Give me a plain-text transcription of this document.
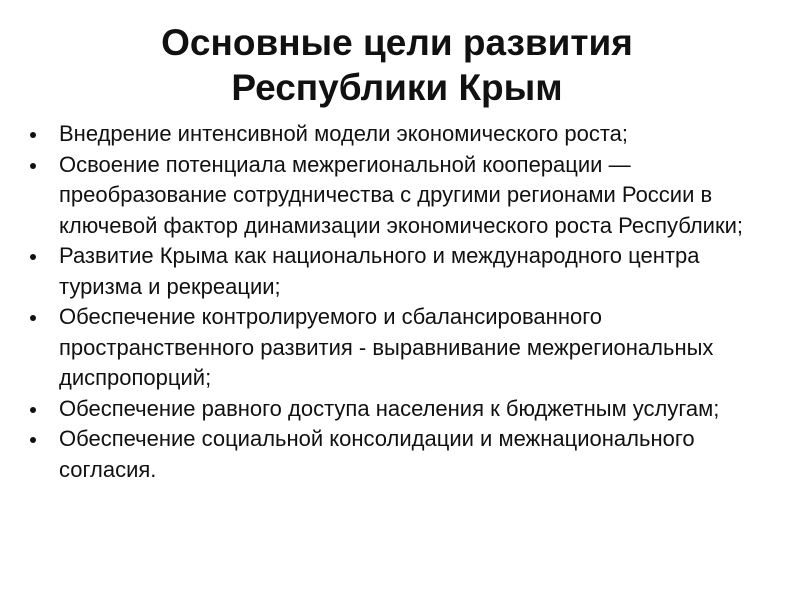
Основные цели развития
Республики Крым
Внедрение интенсивной модели экономического роста;
Освоение потенциала межрегиональной кооперации — преобразование сотрудничества с другими регионами России в ключевой фактор динамизации экономического роста Республики;
Развитие Крыма как национального и международного центра туризма и рекреации;
Обеспечение контролируемого и сбалансированного пространственного развития - выравнивание межрегиональных диспропорций;
Обеспечение равного доступа населения к бюджетным услугам;
Обеспечение социальной консолидации и межнационального согласия.
